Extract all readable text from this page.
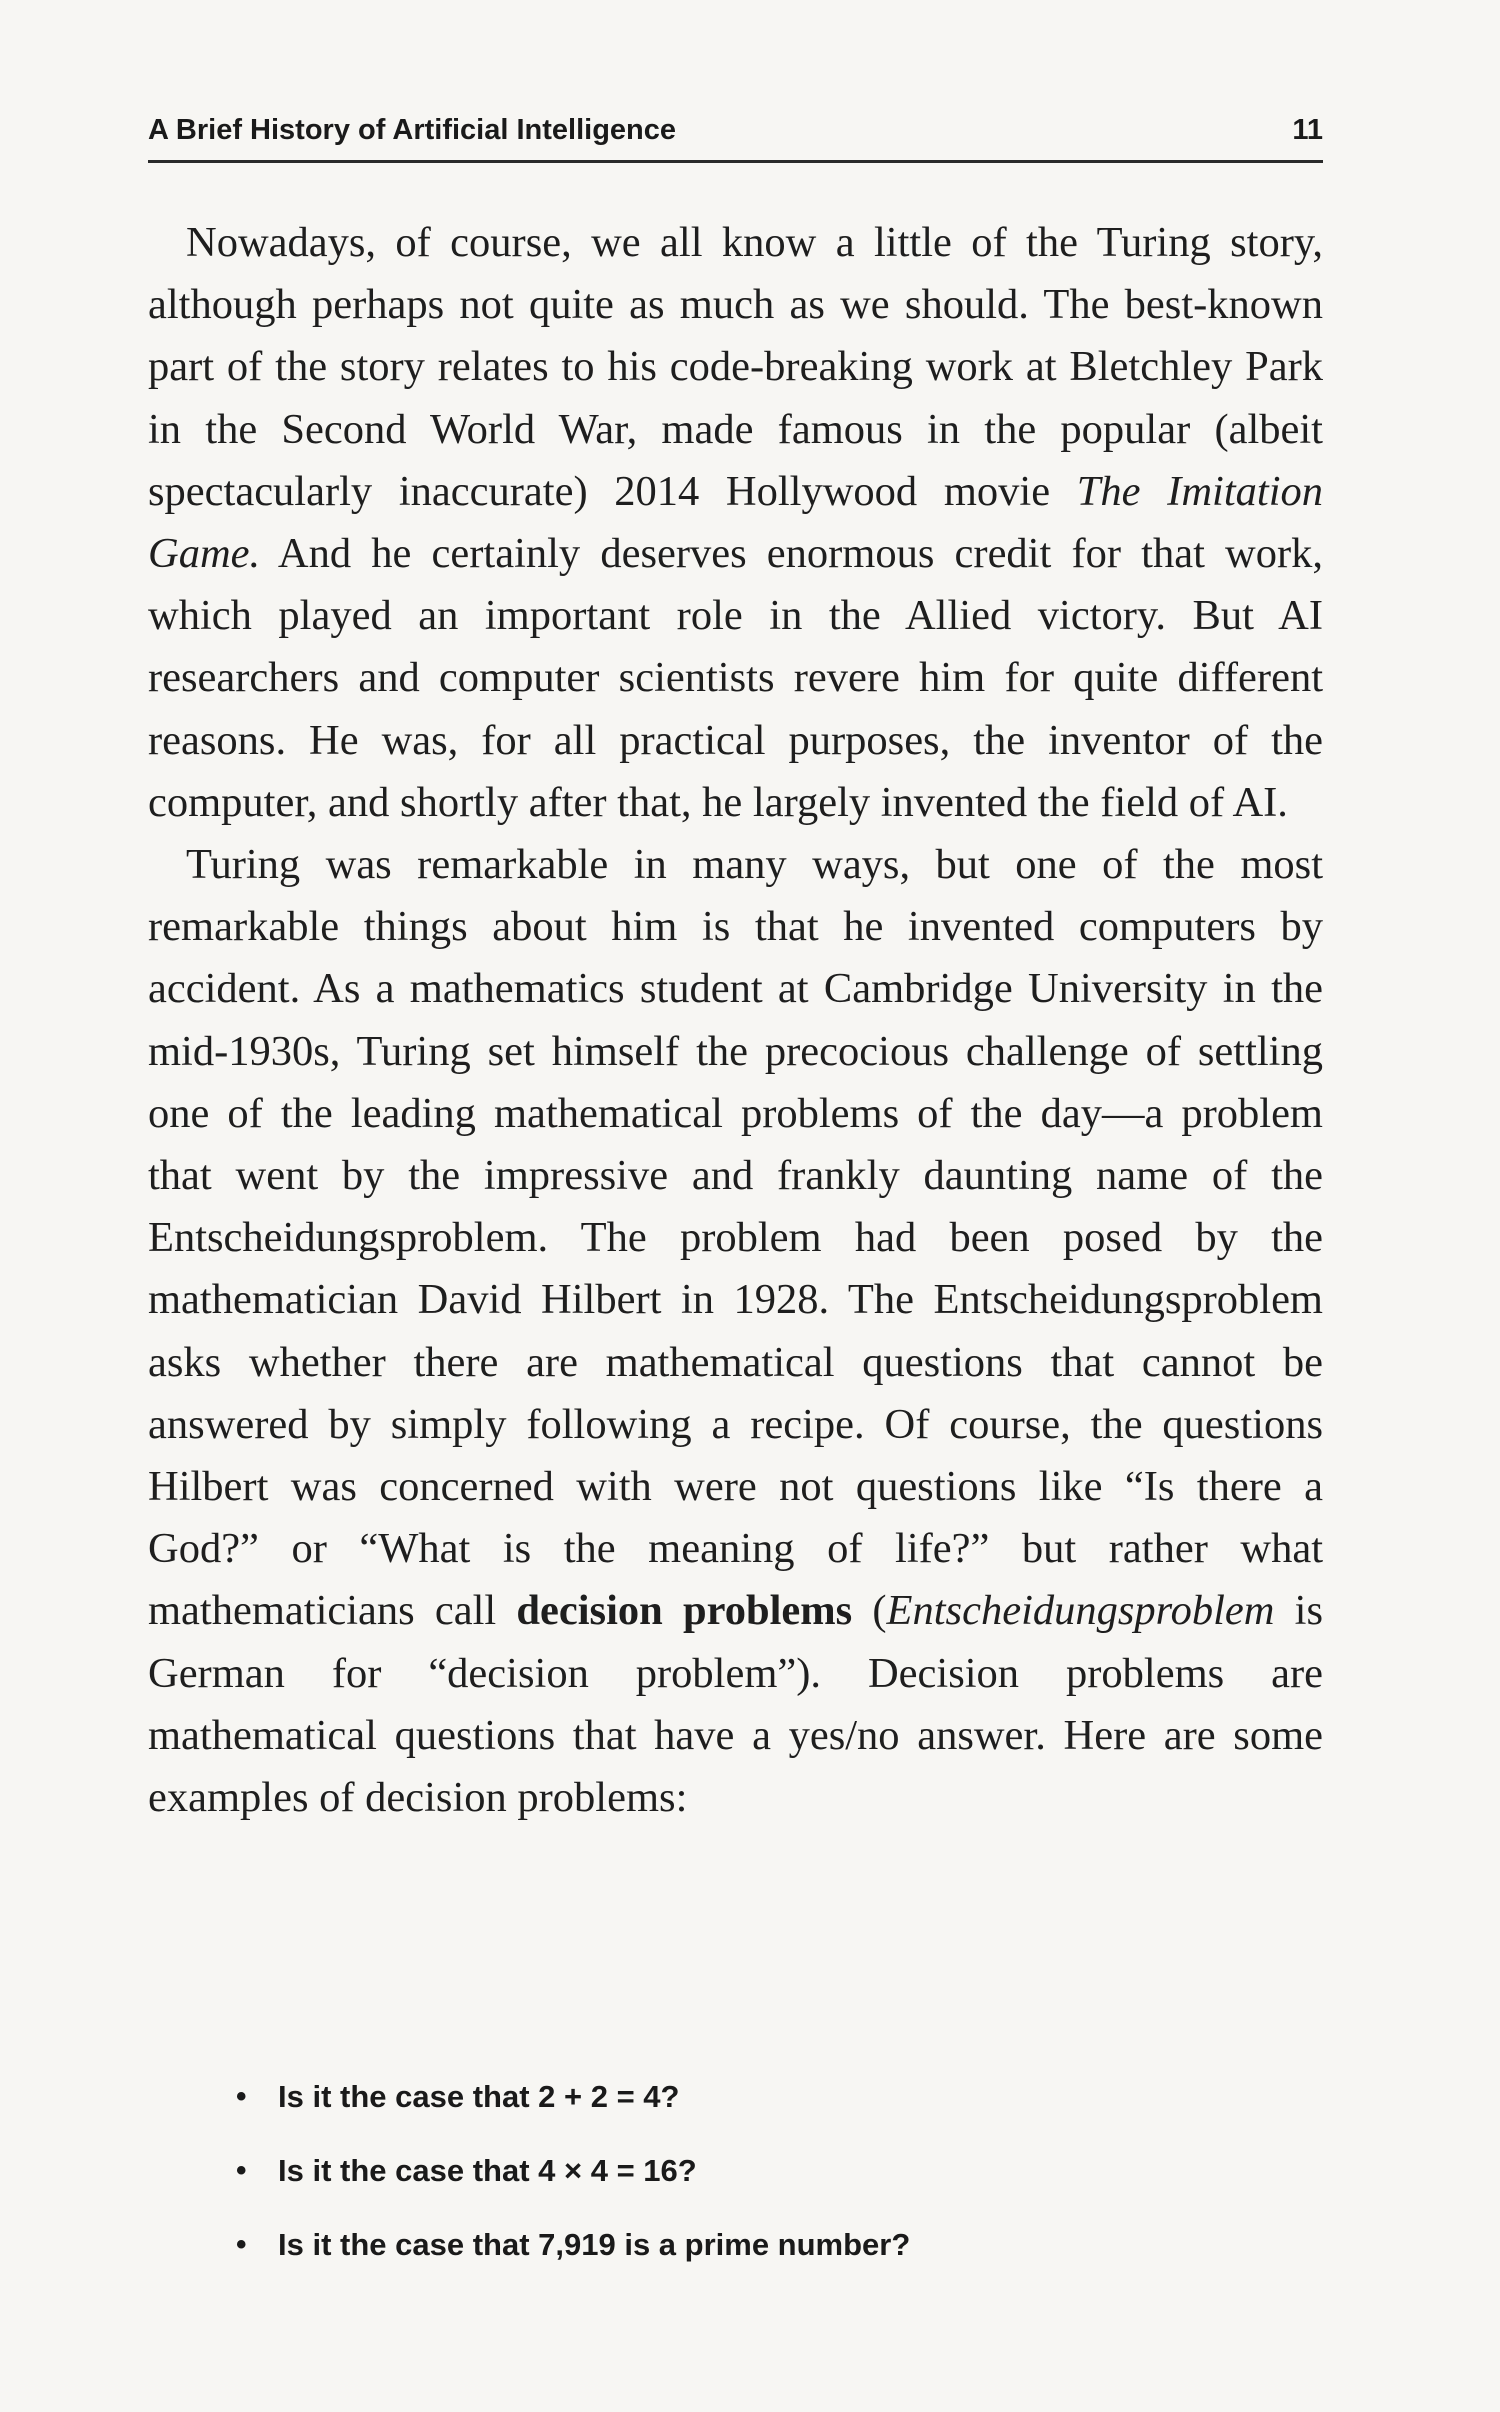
A Brief History of Artificial Intelligence	11

Nowadays, of course, we all know a little of the Turing story, although perhaps not quite as much as we should. The best-known part of the story relates to his code-breaking work at Bletchley Park in the Second World War, made famous in the popular (albeit spectacularly inaccurate) 2014 Hollywood movie The Imitation Game. And he certainly deserves enormous credit for that work, which played an important role in the Allied victory. But AI researchers and computer scientists revere him for quite different reasons. He was, for all practical purposes, the inventor of the computer, and shortly after that, he largely invented the field of AI.

Turing was remarkable in many ways, but one of the most remarkable things about him is that he invented computers by accident. As a mathematics student at Cambridge University in the mid-1930s, Turing set himself the precocious challenge of settling one of the leading mathematical problems of the day—a problem that went by the impressive and frankly daunting name of the Entscheidungsproblem. The problem had been posed by the mathematician David Hilbert in 1928. The Entscheidungsproblem asks whether there are mathematical questions that cannot be answered by simply following a recipe. Of course, the questions Hilbert was concerned with were not questions like “Is there a God?” or “What is the meaning of life?” but rather what mathematicians call decision problems (Entscheidungsproblem is German for “decision problem”). Decision problems are mathematical questions that have a yes/no answer. Here are some examples of decision problems:

• Is it the case that 2 + 2 = 4?
• Is it the case that 4 × 4 = 16?
• Is it the case that 7,919 is a prime number?
